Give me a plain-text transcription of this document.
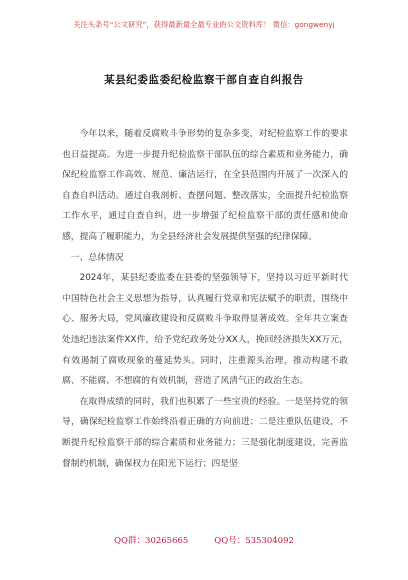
关注头条号“公文研究”，获得最新最全最专业的公文资料库！ 微信：gongwenyj
某县纪委监委纪检监察干部自查自纠报告

今年以来，随着反腐败斗争形势的复杂多变，对纪检监察工作的要求也日益提高。为进一步提升纪检监察干部队伍的综合素质和业务能力，确保纪检监察工作高效、规范、廉洁运行，在全县范围内开展了一次深入的自查自纠活动。通过自我剖析、查摆问题、整改落实，全面提升纪检监察工作水平，通过自查自纠，进一步增强了纪检监察干部的责任感和使命感，提高了履职能力，为全县经济社会发展提供坚强的纪律保障。

一、总体情况

2024年，某县纪委监委在县委的坚强领导下，坚持以习近平新时代中国特色社会主义思想为指导，认真履行党章和宪法赋予的职责，围绕中心、服务大局，党风廉政建设和反腐败斗争取得显著成效。全年共立案查处违纪违法案件XX件，给予党纪政务处分XX人，挽回经济损失XX万元，有效遏制了腐败现象的蔓延势头。同时，注重源头治理，推动构建不敢腐、不能腐、不想腐的有效机制，营造了风清气正的政治生态。

在取得成绩的同时，我们也积累了一些宝贵的经验。一是坚持党的领导，确保纪检监察工作始终沿着正确的方向前进；二是注重队伍建设，不断提升纪检监察干部的综合素质和业务能力；三是强化制度建设，完善监督制约机制，确保权力在阳光下运行；四是坚

QQ群：30265665	QQ号：535304092
